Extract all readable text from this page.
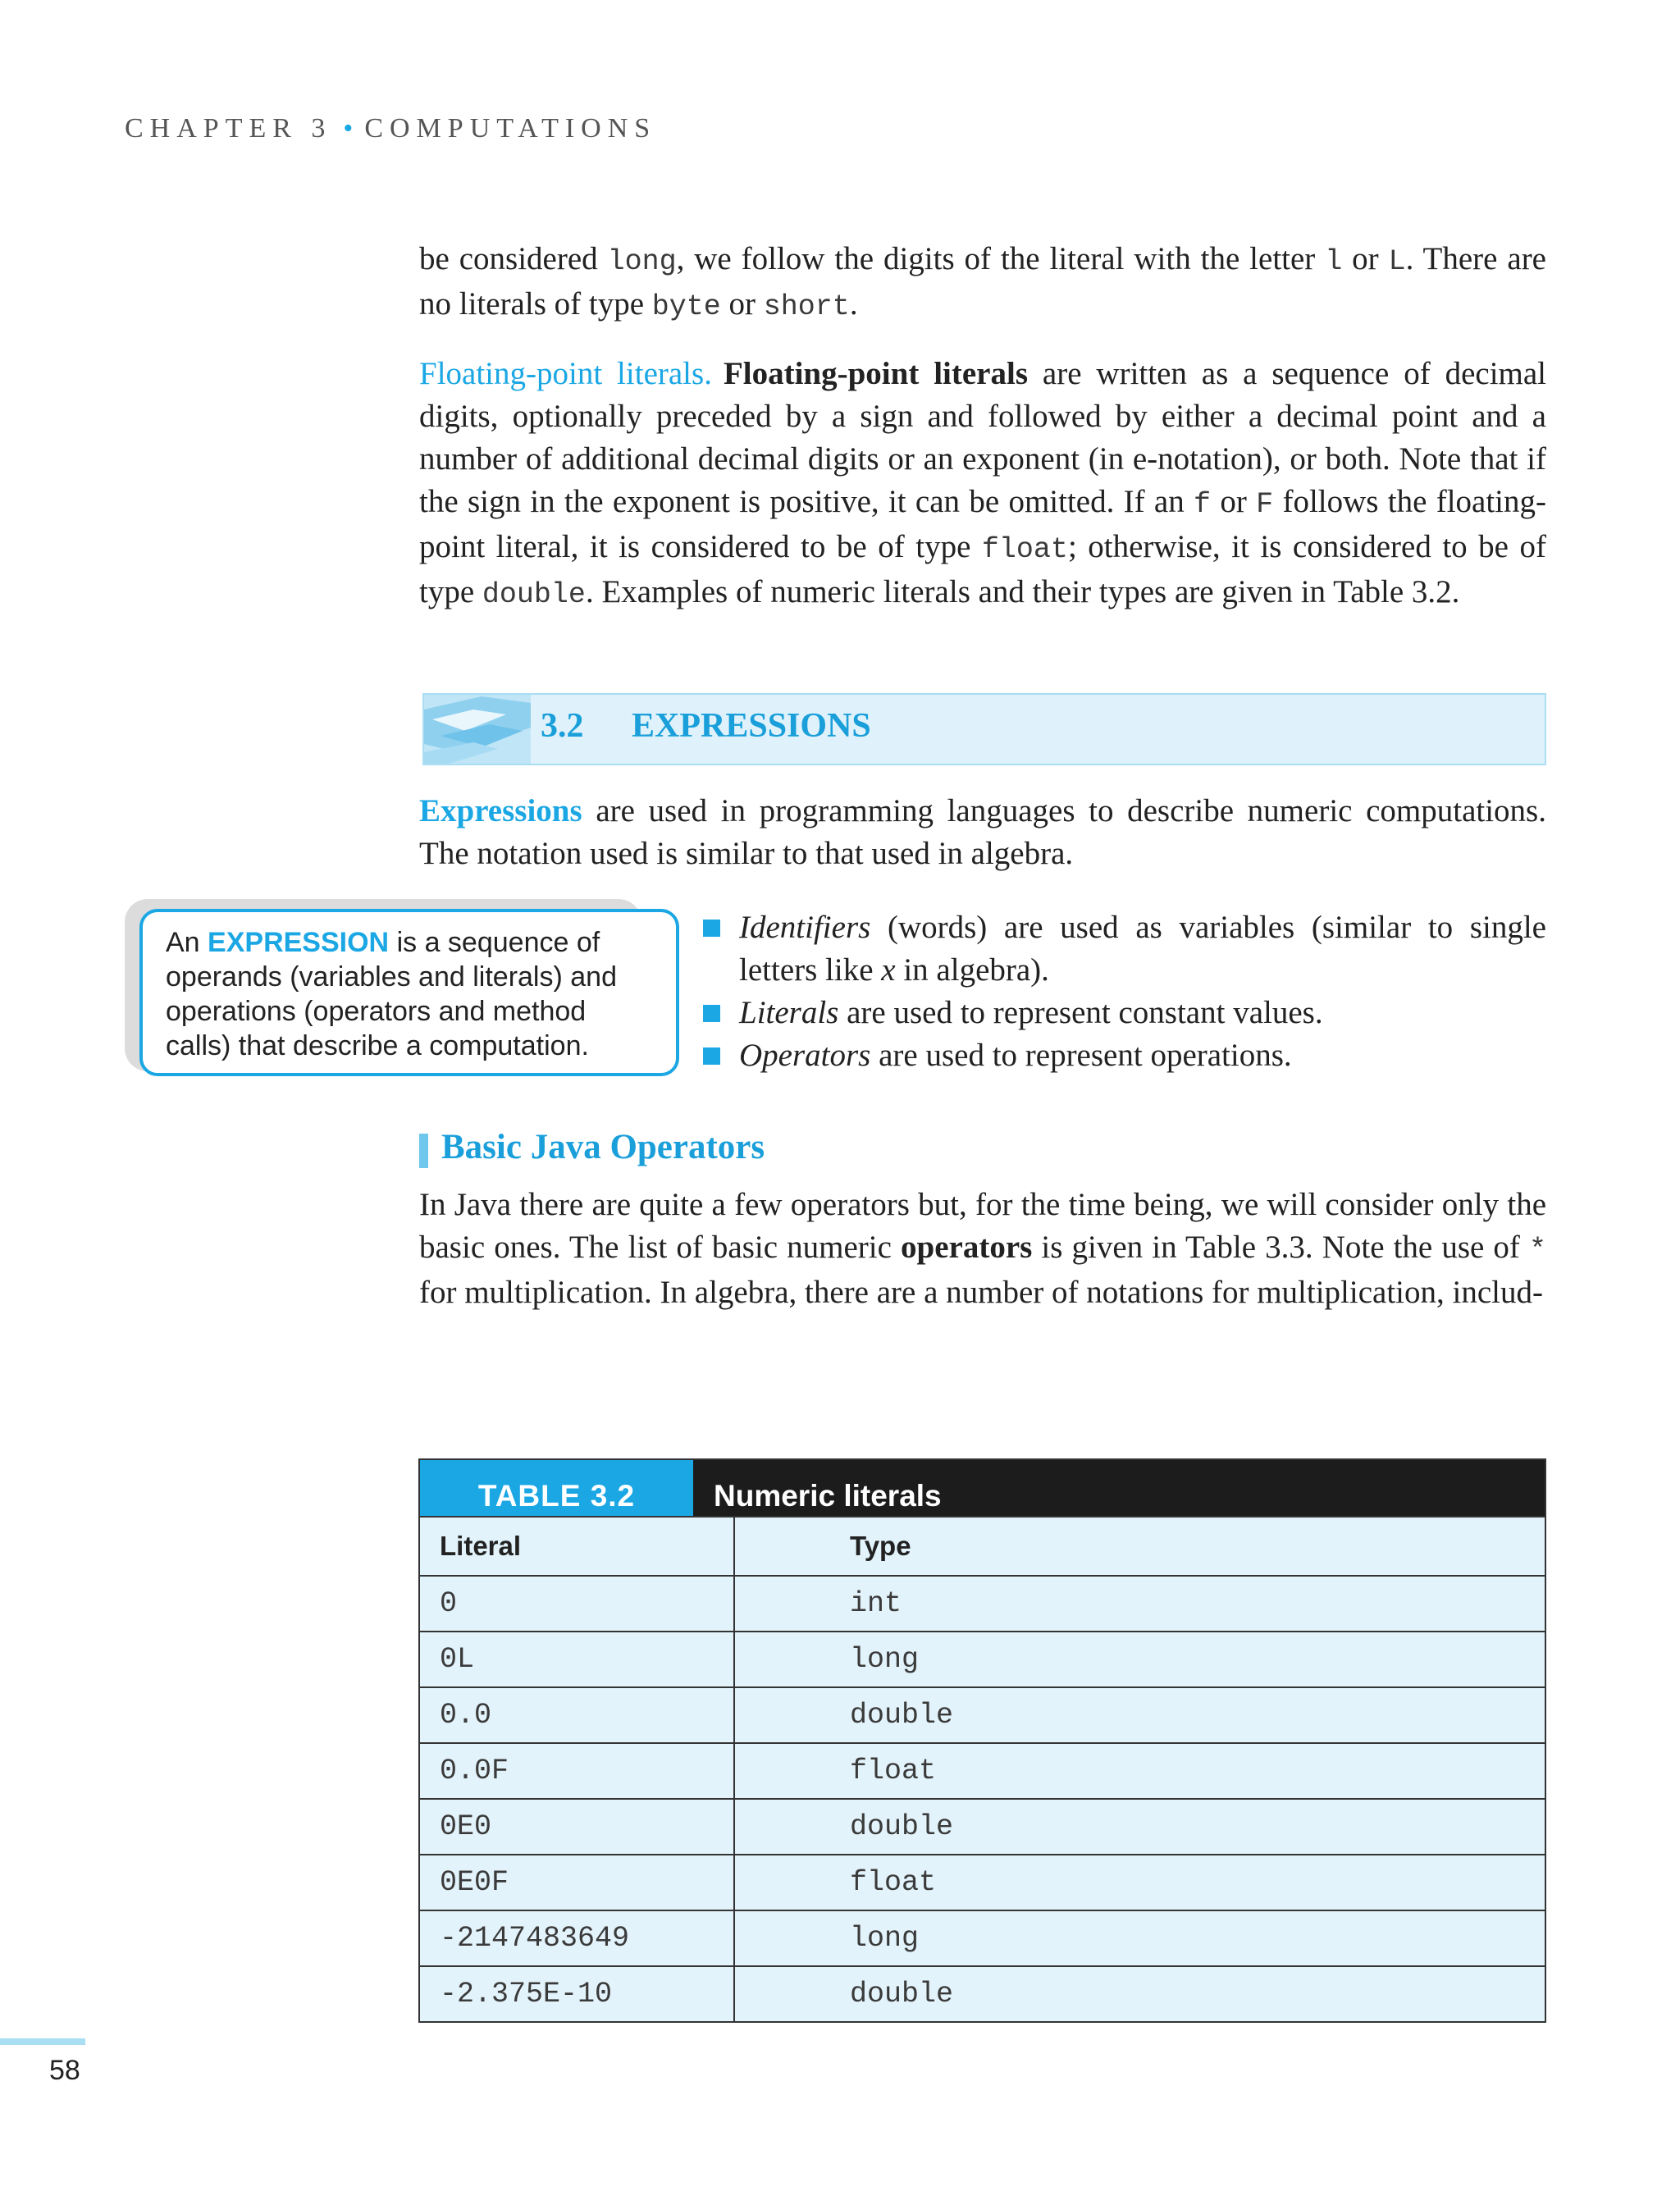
CHAPTER 3 • COMPUTATIONS

be considered long, we follow the digits of the literal with the letter l or L. There are no literals of type byte or short.

Floating-point literals. Floating-point literals are written as a sequence of decimal digits, optionally preceded by a sign and followed by either a decimal point and a number of additional decimal digits or an exponent (in e-notation), or both. Note that if the sign in the exponent is positive, it can be omitted. If an f or F follows the floating-point literal, it is considered to be of type float; otherwise, it is considered to be of type double. Examples of numeric literals and their types are given in Table 3.2.

3.2 EXPRESSIONS

Expressions are used in programming languages to describe numeric computations. The notation used is similar to that used in algebra.

An EXPRESSION is a sequence of operands (variables and literals) and operations (operators and method calls) that describe a computation.
Identifiers (words) are used as variables (similar to single letters like x in algebra).
Literals are used to represent constant values.
Operators are used to represent operations.
Basic Java Operators

In Java there are quite a few operators but, for the time being, we will consider only the basic ones. The list of basic numeric operators is given in Table 3.3. Note the use of * for multiplication. In algebra, there are a number of notations for multiplication, includ-

TABLE 3.2	Numeric literals
Literal	Type
0	int
0L	long
0.0	double
0.0F	float
0E0	double
0E0F	float
-2147483649	long
-2.375E-10	double
58
